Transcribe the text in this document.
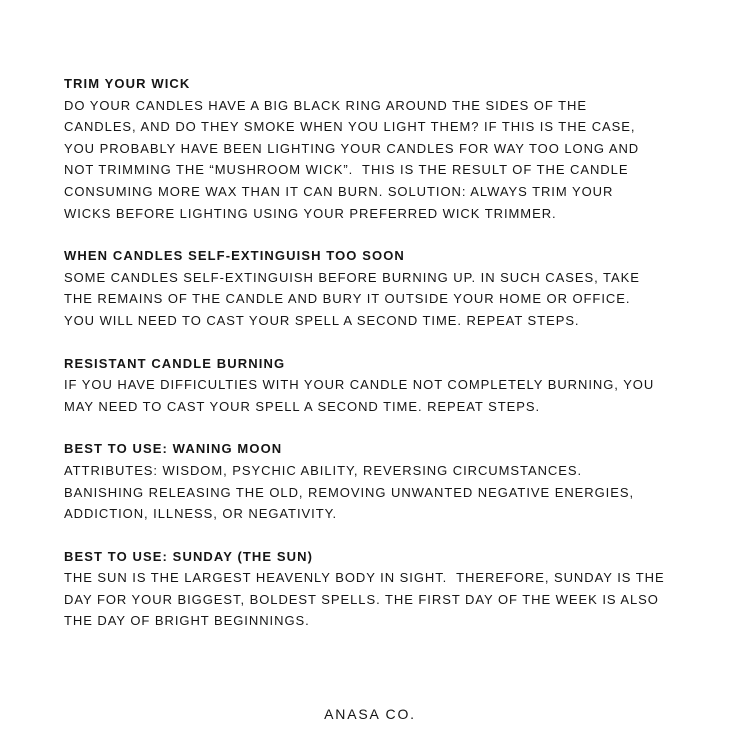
TRIM YOUR WICK

DO YOUR CANDLES HAVE A BIG BLACK RING AROUND THE SIDES OF THE

CANDLES, AND DO THEY SMOKE WHEN YOU LIGHT THEM? IF THIS IS THE CASE,

YOU PROBABLY HAVE BEEN LIGHTING YOUR CANDLES FOR WAY TOO LONG AND

NOT TRIMMING THE “MUSHROOM WICK”.  THIS IS THE RESULT OF THE CANDLE

CONSUMING MORE WAX THAN IT CAN BURN. SOLUTION: ALWAYS TRIM YOUR

WICKS BEFORE LIGHTING USING YOUR PREFERRED WICK TRIMMER.

WHEN CANDLES SELF-EXTINGUISH TOO SOON

SOME CANDLES SELF-EXTINGUISH BEFORE BURNING UP. IN SUCH CASES, TAKE

THE REMAINS OF THE CANDLE AND BURY IT OUTSIDE YOUR HOME OR OFFICE.

YOU WILL NEED TO CAST YOUR SPELL A SECOND TIME. REPEAT STEPS.

RESISTANT CANDLE BURNING

IF YOU HAVE DIFFICULTIES WITH YOUR CANDLE NOT COMPLETELY BURNING, YOU

MAY NEED TO CAST YOUR SPELL A SECOND TIME. REPEAT STEPS.

BEST TO USE: WANING MOON

ATTRIBUTES: WISDOM, PSYCHIC ABILITY, REVERSING CIRCUMSTANCES.

BANISHING RELEASING THE OLD, REMOVING UNWANTED NEGATIVE ENERGIES,

ADDICTION, ILLNESS, OR NEGATIVITY.

BEST TO USE: SUNDAY (THE SUN)

THE SUN IS THE LARGEST HEAVENLY BODY IN SIGHT.  THEREFORE, SUNDAY IS THE

DAY FOR YOUR BIGGEST, BOLDEST SPELLS. THE FIRST DAY OF THE WEEK IS ALSO

THE DAY OF BRIGHT BEGINNINGS.

ANASA CO.
